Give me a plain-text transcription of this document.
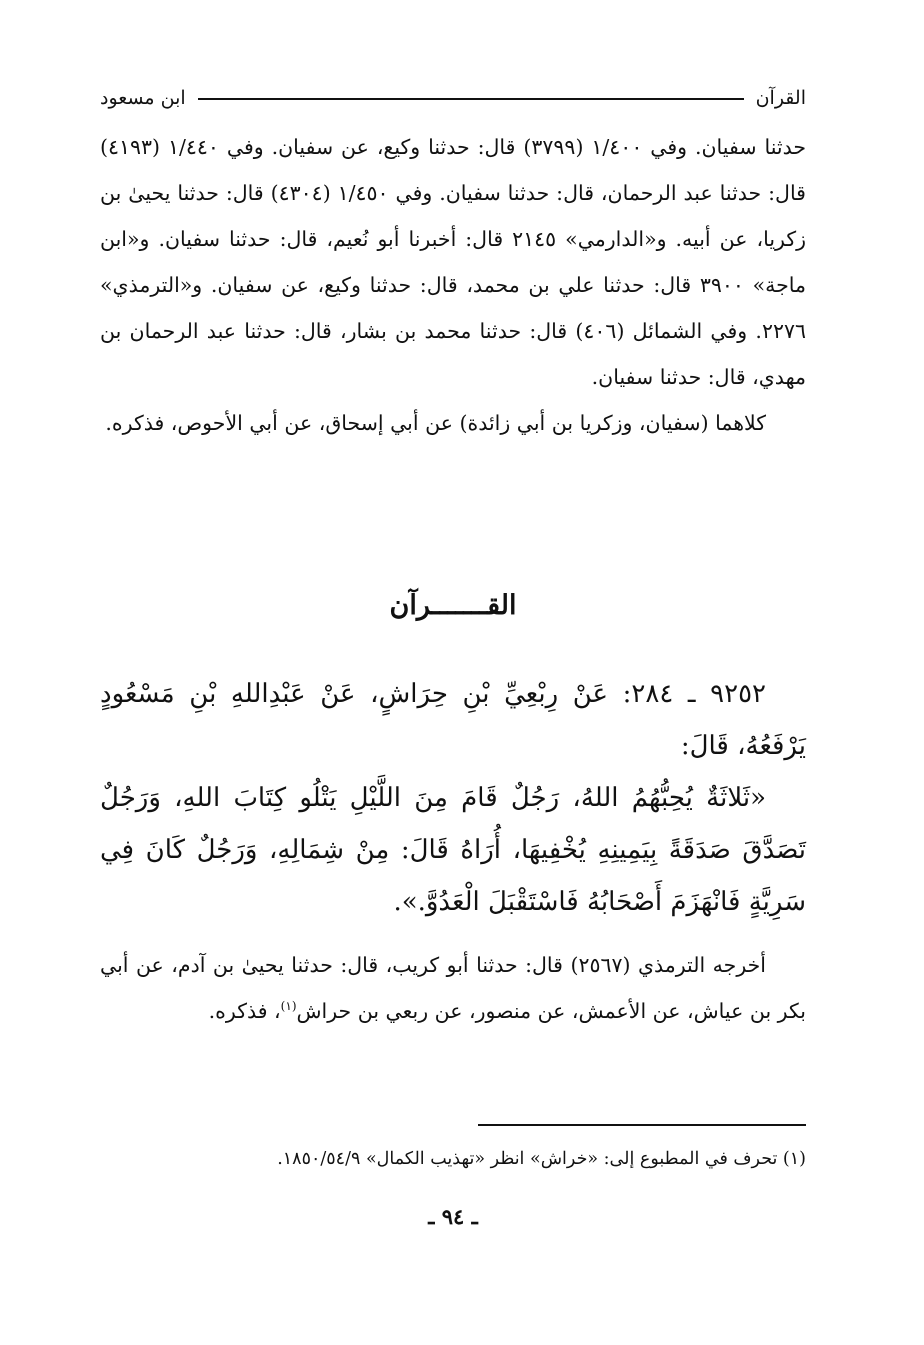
القرآن
ابن مسعود

حدثنا سفيان. وفي ١/٤٠٠ (٣٧٩٩) قال: حدثنا وكيع، عن سفيان. وفي ١/٤٤٠ (٤١٩٣) قال: حدثنا عبد الرحمان، قال: حدثنا سفيان. وفي ١/٤٥٠ (٤٣٠٤) قال: حدثنا يحيىٰ بن زكريا، عن أبيه. و«الدارمي» ٢١٤٥ قال: أخبرنا أبو نُعيم، قال: حدثنا سفيان. و«ابن ماجة» ٣٩٠٠ قال: حدثنا علي بن محمد، قال: حدثنا وكيع، عن سفيان. و«الترمذي» ٢٢٧٦. وفي الشمائل (٤٠٦) قال: حدثنا محمد بن بشار، قال: حدثنا عبد الرحمان بن مهدي، قال: حدثنا سفيان.

كلاهما (سفيان، وزكريا بن أبي زائدة) عن أبي إسحاق، عن أبي الأحوص، فذكره.

القـــــــرآن

٩٢٥٢ ـ ٢٨٤: عَنْ رِبْعِيِّ بْنِ حِرَاشٍ، عَنْ عَبْدِاللهِ بْنِ مَسْعُودٍ يَرْفَعُهُ، قَالَ:

«ثَلاثَةٌ يُحِبُّهُمُ اللهُ، رَجُلٌ قَامَ مِنَ اللَّيْلِ يَتْلُو كِتَابَ اللهِ، وَرَجُلٌ تَصَدَّقَ صَدَقَةً بِيَمِينِهِ يُخْفِيهَا، أُرَاهُ قَالَ: مِنْ شِمَالِهِ، وَرَجُلٌ كَانَ فِي سَرِيَّةٍ فَانْهَزَمَ أَصْحَابُهُ فَاسْتَقْبَلَ الْعَدُوَّ.».

أخرجه الترمذي (٢٥٦٧) قال: حدثنا أبو كريب، قال: حدثنا يحيىٰ بن آدم، عن أبي بكر بن عياش، عن الأعمش، عن منصور، عن ربعي بن حراش$^{(١)}$، فذكره.

(١) تحرف في المطبوع إلى: «خراش» انظر «تهذيب الكمال» ١٨٥٠/٥٤/٩.
ـ ٩٤ ـ
